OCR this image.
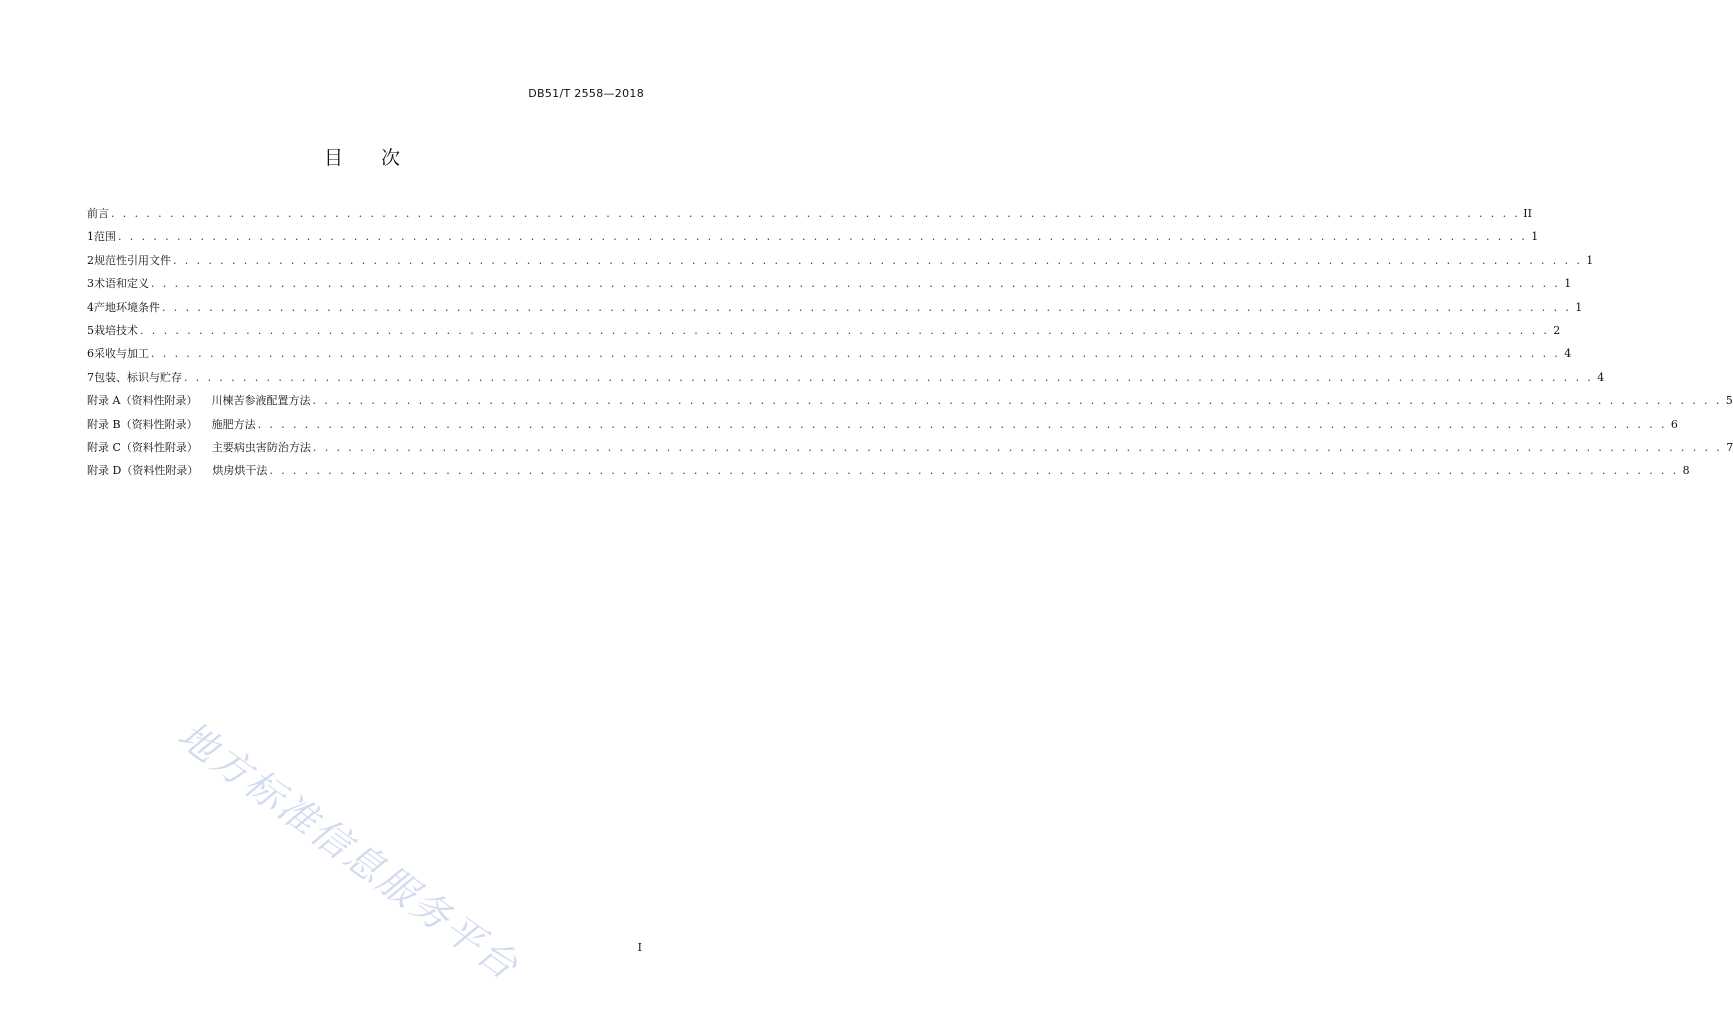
DB51/T 2558—2018
目 次
前言 . . . . . . . . . . . . . . . . . . . . . . . . . . . . . . . . . . . . . . . . . . . . . . . . . . . . . . . . . . . . . . . . . . . . . . . . . . . . . . . . . . . . . . . . . . . . . . . . . . . . . . . . . . . . . . . . . . . . . . . . II
1 范围 . . . . . . . . . . . . . . . . . . . . . . . . . . . . . . . . . . . . . . . . . . . . . . . . . . . . . . . . . . . . . . . . . . . . . . . . . . . . . . . . . . . . . . . . . . . . . . . . . . . . . . . . . . . . . . . . . . . . . . . . 1
2 规范性引用文件 . . . . . . . . . . . . . . . . . . . . . . . . . . . . . . . . . . . . . . . . . . . . . . . . . . . . . . . . . . . . . . . . . . . . . . . . . . . . . . . . . . . . . . . . . . . . . . . . . . . . . . . . . . . . . . . . . . . . . . . . 1
3 术语和定义 . . . . . . . . . . . . . . . . . . . . . . . . . . . . . . . . . . . . . . . . . . . . . . . . . . . . . . . . . . . . . . . . . . . . . . . . . . . . . . . . . . . . . . . . . . . . . . . . . . . . . . . . . . . . . . . . . . . . . . . . 1
4 产地环境条件 . . . . . . . . . . . . . . . . . . . . . . . . . . . . . . . . . . . . . . . . . . . . . . . . . . . . . . . . . . . . . . . . . . . . . . . . . . . . . . . . . . . . . . . . . . . . . . . . . . . . . . . . . . . . . . . . . . . . . . . . 1
5 栽培技术 . . . . . . . . . . . . . . . . . . . . . . . . . . . . . . . . . . . . . . . . . . . . . . . . . . . . . . . . . . . . . . . . . . . . . . . . . . . . . . . . . . . . . . . . . . . . . . . . . . . . . . . . . . . . . . . . . . . . . . . . 2
6 采收与加工 . . . . . . . . . . . . . . . . . . . . . . . . . . . . . . . . . . . . . . . . . . . . . . . . . . . . . . . . . . . . . . . . . . . . . . . . . . . . . . . . . . . . . . . . . . . . . . . . . . . . . . . . . . . . . . . . . . . . . . . . 4
7 包装、标识与贮存 . . . . . . . . . . . . . . . . . . . . . . . . . . . . . . . . . . . . . . . . . . . . . . . . . . . . . . . . . . . . . . . . . . . . . . . . . . . . . . . . . . . . . . . . . . . . . . . . . . . . . . . . . . . . . . . . . . . . . . . . 4
附录 A（资料性附录） 川楝苦参液配置方法 . . . . . . . . . . . . . . . . . . . . . . . . . . . . . . . . . . . . . . . . . . . . . . . . . . . . . . . . . . . . . . . . . . . . . . . . . . . . . . . . . . . . . . . . . . . . . . . . . . . . . . . . . . . . . . . . . . . . . . . . 5
附录 B（资料性附录） 施肥方法 . . . . . . . . . . . . . . . . . . . . . . . . . . . . . . . . . . . . . . . . . . . . . . . . . . . . . . . . . . . . . . . . . . . . . . . . . . . . . . . . . . . . . . . . . . . . . . . . . . . . . . . . . . . . . . . . . . . . . . . . 6
附录 C（资料性附录） 主要病虫害防治方法 . . . . . . . . . . . . . . . . . . . . . . . . . . . . . . . . . . . . . . . . . . . . . . . . . . . . . . . . . . . . . . . . . . . . . . . . . . . . . . . . . . . . . . . . . . . . . . . . . . . . . . . . . . . . . . . . . . . . . . . . 7
附录 D（资料性附录） 烘房烘干法 . . . . . . . . . . . . . . . . . . . . . . . . . . . . . . . . . . . . . . . . . . . . . . . . . . . . . . . . . . . . . . . . . . . . . . . . . . . . . . . . . . . . . . . . . . . . . . . . . . . . . . . . . . . . . . . . . . . . . . . . 8
地方标准信息服务平台	I
